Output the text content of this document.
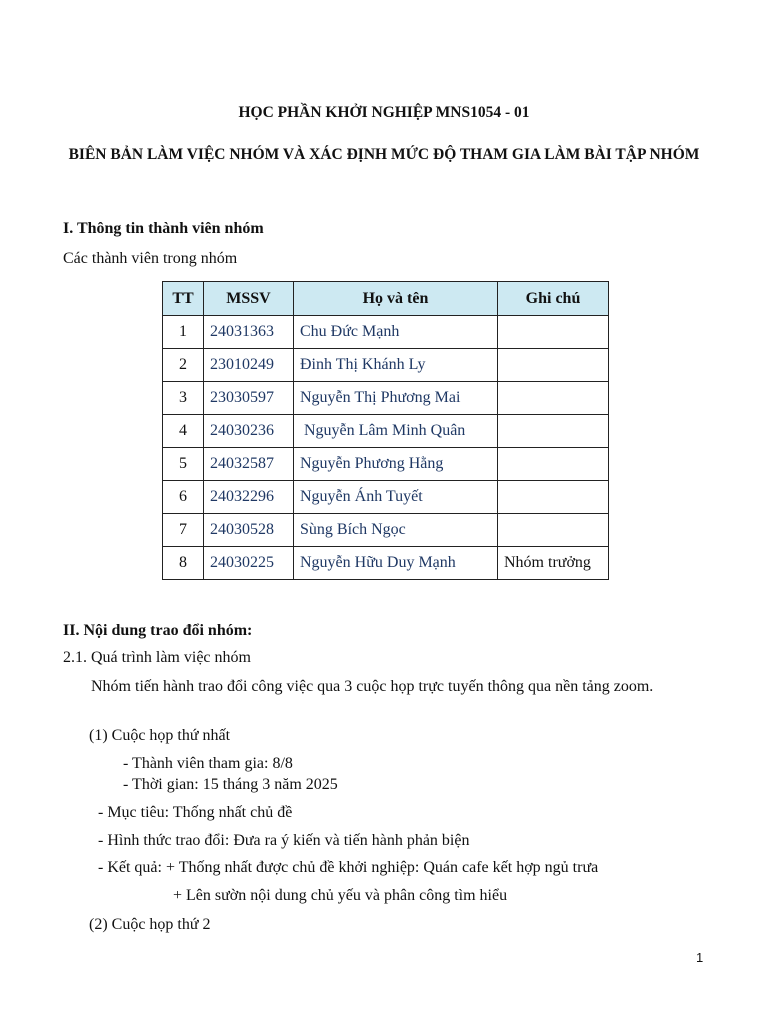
HỌC PHẦN KHỞI NGHIỆP MNS1054 - 01
BIÊN BẢN LÀM VIỆC NHÓM VÀ XÁC ĐỊNH MỨC ĐỘ THAM GIA LÀM BÀI TẬP NHÓM
I. Thông tin thành viên nhóm
Các thành viên trong nhóm
TT	MSSV	Họ và tên	Ghi chú
1	24031363	Chu Đức Mạnh	
2	23010249	Đinh Thị Khánh Ly	
3	23030597	Nguyễn Thị Phương Mai	
4	24030236	Nguyễn Lâm Minh Quân	
5	24032587	Nguyễn Phương Hằng	
6	24032296	Nguyễn Ánh Tuyết	
7	24030528	Sùng Bích Ngọc	
8	24030225	Nguyễn Hữu Duy Mạnh	Nhóm trưởng
II. Nội dung trao đổi nhóm:
2.1. Quá trình làm việc nhóm
Nhóm tiến hành trao đổi công việc qua 3 cuộc họp trực tuyến thông qua nền tảng zoom.
(1) Cuộc họp thứ nhất
- Thành viên tham gia: 8/8
- Thời gian: 15 tháng 3 năm 2025
- Mục tiêu: Thống nhất chủ đề
- Hình thức trao đổi: Đưa ra ý kiến và tiến hành phản biện
- Kết quả: + Thống nhất được chủ đề khởi nghiệp: Quán cafe kết hợp ngủ trưa
+ Lên sườn nội dung chủ yếu và phân công tìm hiểu
(2) Cuộc họp thứ 2
1
